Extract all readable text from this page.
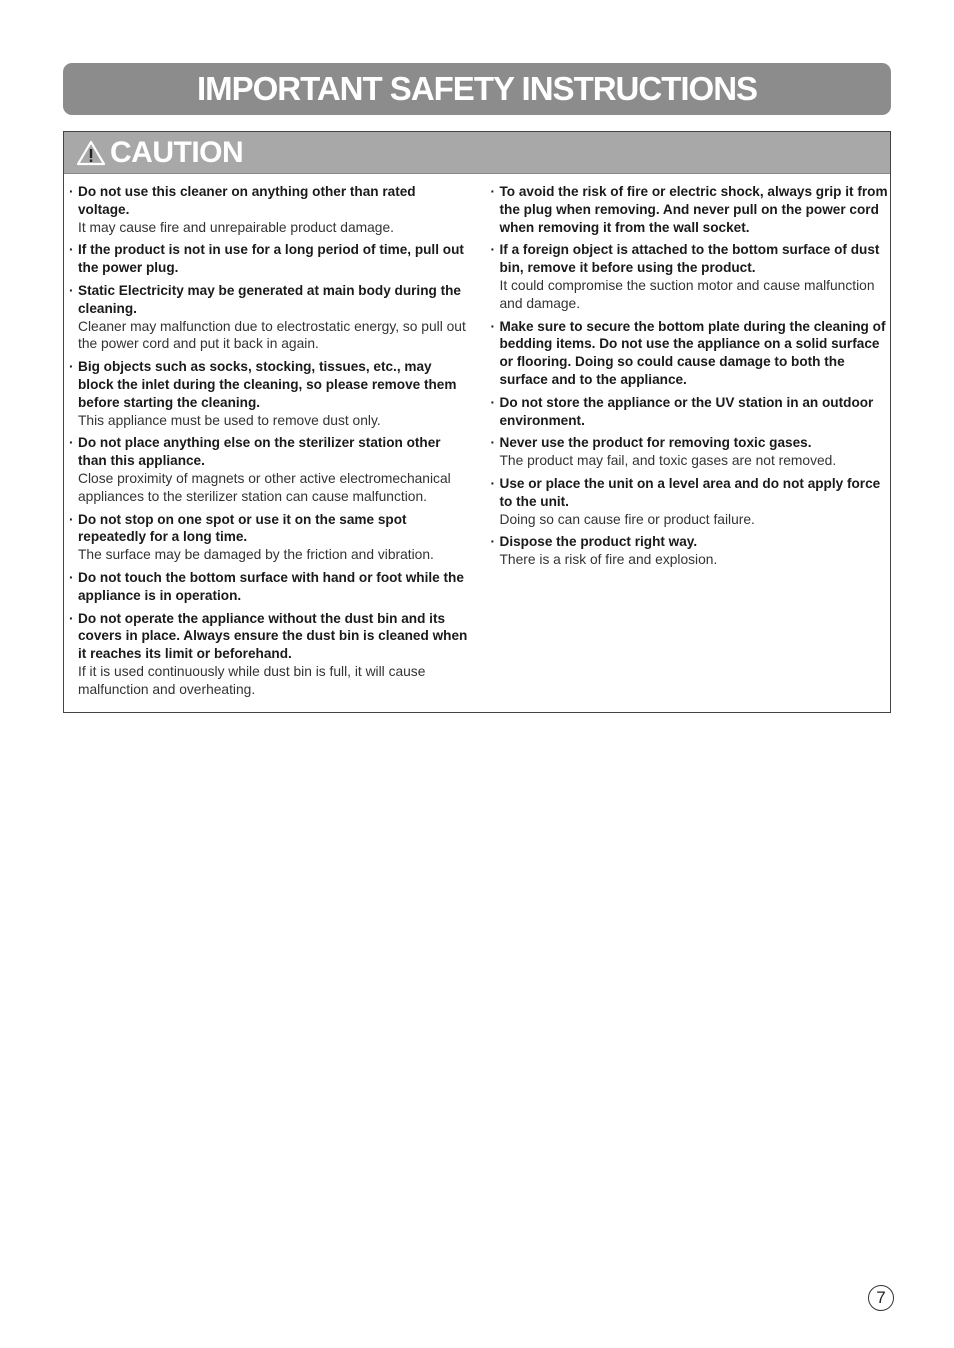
IMPORTANT SAFETY INSTRUCTIONS
CAUTION
· Do not use this cleaner on anything other than rated voltage.
It may cause fire and unrepairable product damage.
· If the product is not in use for a long period of time, pull out the power plug.
· Static Electricity may be generated at main body during the cleaning.
Cleaner may malfunction due to electrostatic energy, so pull out the power cord and put it back in again.
· Big objects such as socks, stocking, tissues, etc., may block the inlet during the cleaning, so please remove them before starting the cleaning.
This appliance must be used to remove dust only.
· Do not place anything else on the sterilizer station other than this appliance.
Close proximity of magnets or other active electromechanical appliances to the sterilizer station can cause malfunction.
· Do not stop on one spot or use it on the same spot repeatedly for a long time.
The surface may be damaged by the friction and vibration.
· Do not touch the bottom surface with hand or foot while the appliance is in operation.
· Do not operate the appliance without the dust bin and its covers in place. Always ensure the dust bin is cleaned when it reaches its limit or beforehand.
If it is used continuously while dust bin is full, it will cause malfunction and overheating.
· To avoid the risk of fire or electric shock, always grip it from the plug when removing. And never pull on the power cord when removing it from the wall socket.
· If a foreign object is attached to the bottom surface of dust bin, remove it before using the product.
It could compromise the suction motor and cause malfunction and damage.
· Make sure to secure the bottom plate during the cleaning of bedding items. Do not use the appliance on a solid surface or flooring. Doing so could cause damage to both the surface and to the appliance.
· Do not store the appliance or the UV station in an outdoor environment.
· Never use the product for removing toxic gases.
The product may fail, and toxic gases are not removed.
· Use or place the unit on a level area and do not apply force to the unit.
Doing so can cause fire or product failure.
· Dispose the product right way.
There is a risk of fire and explosion.
7
